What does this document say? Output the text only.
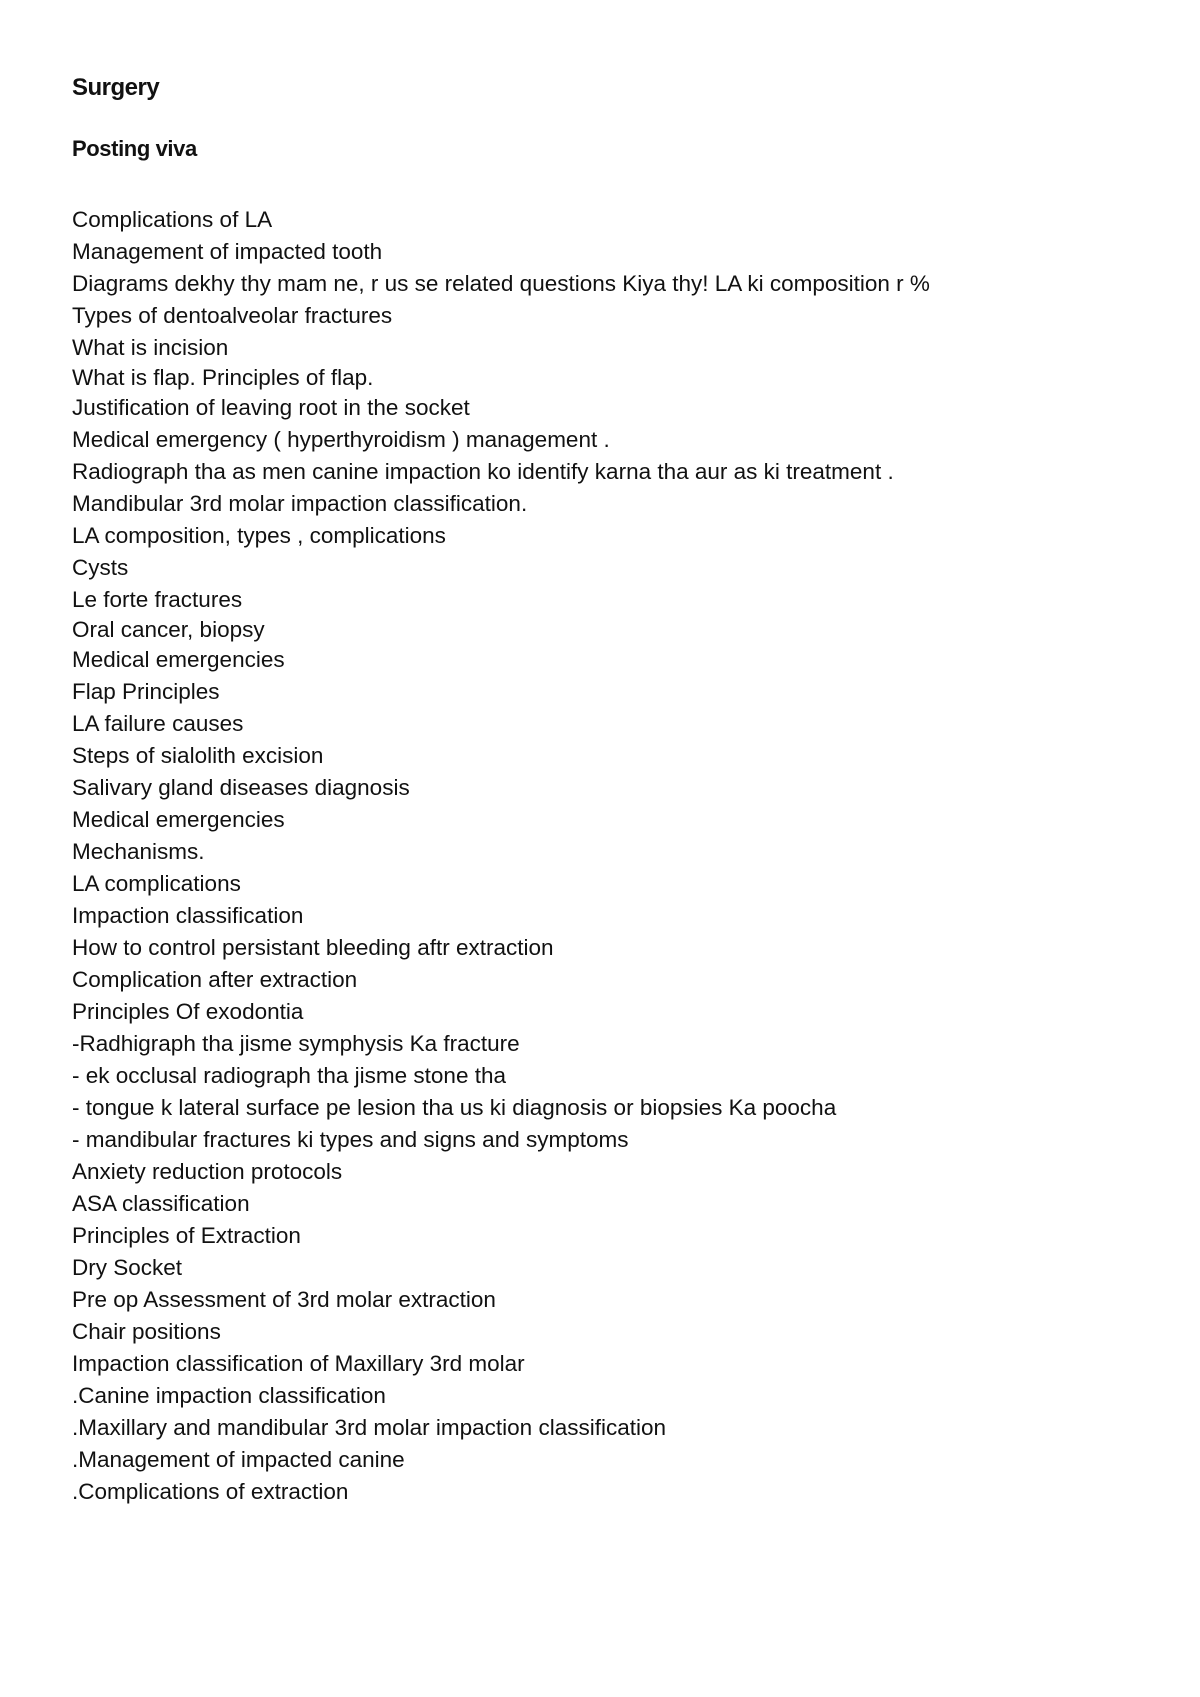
Surgery
Posting viva
Complications of LA
Management of impacted tooth
Diagrams dekhy thy mam ne, r us se related questions Kiya thy! LA ki composition r %
Types of dentoalveolar fractures
What is incision
What is flap. Principles of flap.
Justification of leaving root in the socket
Medical emergency ( hyperthyroidism ) management .
Radiograph tha as men canine impaction ko identify karna tha aur as ki treatment .
Mandibular 3rd molar impaction classification.
LA composition, types , complications
Cysts
Le forte fractures
Oral cancer, biopsy
Medical emergencies
Flap Principles
LA failure causes
Steps of sialolith excision
Salivary gland diseases diagnosis
Medical emergencies
Mechanisms.
LA complications
Impaction classification
How to control persistant bleeding aftr extraction
Complication after extraction
Principles Of exodontia
-Radhigraph tha jisme symphysis Ka fracture
- ek occlusal radiograph tha jisme stone tha
- tongue k lateral surface pe lesion tha us ki diagnosis or biopsies Ka poocha
- mandibular fractures ki types and signs and symptoms
Anxiety reduction protocols
ASA classification
Principles of Extraction
Dry Socket
Pre op Assessment of 3rd molar extraction
Chair positions
Impaction classification of Maxillary 3rd molar
.Canine impaction classification
.Maxillary and mandibular 3rd molar impaction classification
.Management of impacted canine
.Complications of extraction
